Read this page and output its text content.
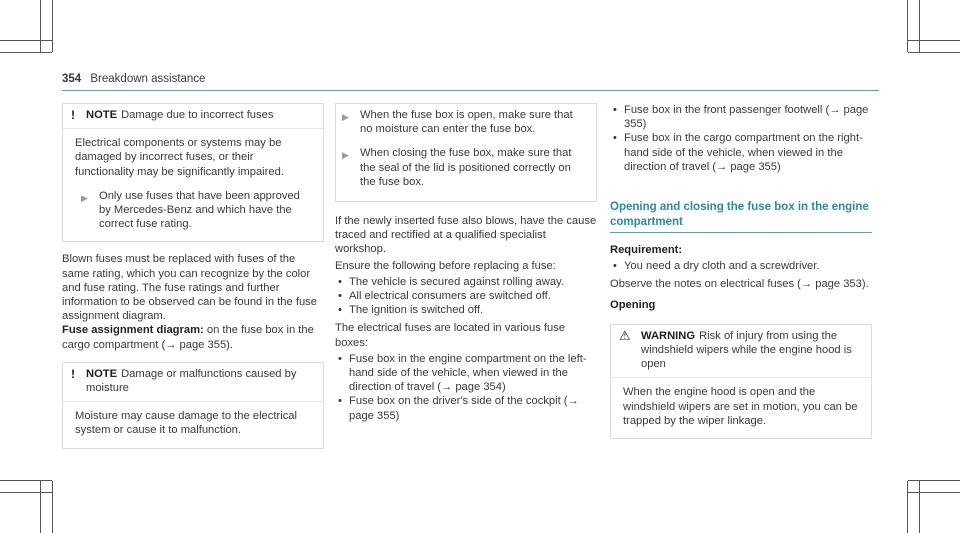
354 Breakdown assistance
! NOTE Damage due to incorrect fuses

Electrical components or systems may be damaged by incorrect fuses, or their functionality may be significantly impaired.

▶ Only use fuses that have been approved by Mercedes-Benz and which have the correct fuse rating.

Blown fuses must be replaced with fuses of the same rating, which you can recognize by the color and fuse rating. The fuse ratings and further information to be observed can be found in the fuse assignment diagram.

Fuse assignment diagram: on the fuse box in the cargo compartment (→ page 355).

! NOTE Damage or malfunctions caused by moisture

Moisture may cause damage to the electrical system or cause it to malfunction.

▶ When the fuse box is open, make sure that no moisture can enter the fuse box.
▶ When closing the fuse box, make sure that the seal of the lid is positioned correctly on the fuse box.

If the newly inserted fuse also blows, have the cause traced and rectified at a qualified specialist workshop.

Ensure the following before replacing a fuse:

• The vehicle is secured against rolling away.
• All electrical consumers are switched off.
• The ignition is switched off.

The electrical fuses are located in various fuse boxes:

• Fuse box in the engine compartment on the left-hand side of the vehicle, when viewed in the direction of travel (→ page 354)
• Fuse box on the driver's side of the cockpit (→ page 355)
• Fuse box in the front passenger footwell (→ page 355)
• Fuse box in the cargo compartment on the right-hand side of the vehicle, when viewed in the direction of travel (→ page 355)
Opening and closing the fuse box in the engine compartment

Requirement:

• You need a dry cloth and a screwdriver.

Observe the notes on electrical fuses (→ page 353).

Opening

⚠ WARNING Risk of injury from using the windshield wipers while the engine hood is open

When the engine hood is open and the windshield wipers are set in motion, you can be trapped by the wiper linkage.
